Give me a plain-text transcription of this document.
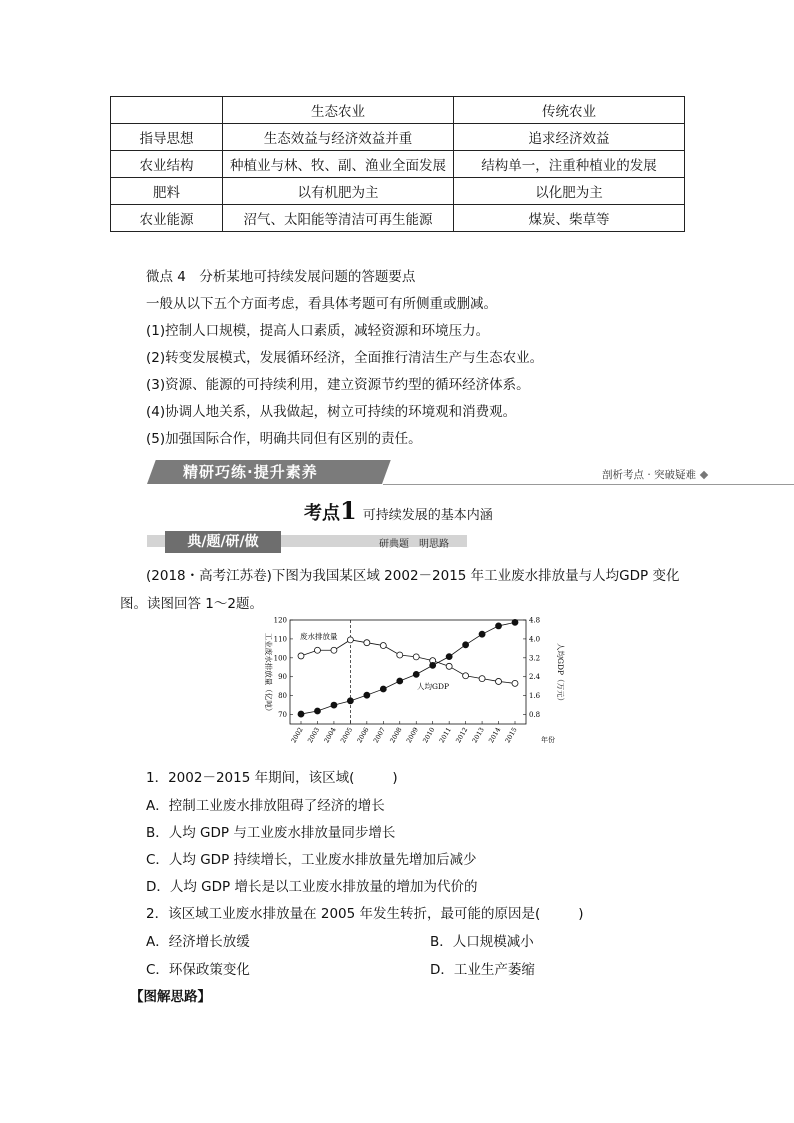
	生态农业	传统农业
指导思想	生态效益与经济效益并重	追求经济效益
农业结构	种植业与林、牧、副、渔业全面发展	结构单一，注重种植业的发展
肥料	以有机肥为主	以化肥为主
农业能源	沼气、太阳能等清洁可再生能源	煤炭、柴草等
微点 4　分析某地可持续发展问题的答题要点
一般从以下五个方面考虑，看具体考题可有所侧重或删减。
(1)控制人口规模，提高人口素质，减轻资源和环境压力。
(2)转变发展模式，发展循环经济，全面推行清洁生产与生态农业。
(3)资源、能源的可持续利用，建立资源节约型的循环经济体系。
(4)协调人地关系，从我做起，树立可持续的环境观和消费观。
(5)加强国际合作，明确共同但有区别的责任。
精研巧练·提升素养	剖析考点 · 突破疑难
考点1 可持续发展的基本内涵
典/题/研/做	研典题　明思路
(2018・高考江苏卷)下图为我国某区域 2002－2015 年工业废水排放量与人均GDP 变化
图。读图回答 1～2题。
120
110
100
90
80
70
4.8
4.0
3.2
2.4
1.6
0.8
2002 2003 2004 2005 2006 2007 2008 2009 2010 2011 2012 2013 2014 2015
工业废水排放量（亿吨）	人均GDP（万元）
年份
废水排放量
人均GDP
1．2002－2015 年期间，该区域(	)
A．控制工业废水排放阻碍了经济的增长
B．人均 GDP 与工业废水排放量同步增长
C．人均 GDP 持续增长，工业废水排放量先增加后减少
D．人均 GDP 增长是以工业废水排放量的增加为代价的
2．该区域工业废水排放量在 2005 年发生转折，最可能的原因是(	)
A．经济增长放缓	B．人口规模减小
C．环保政策变化	D．工业生产萎缩
【图解思路】
